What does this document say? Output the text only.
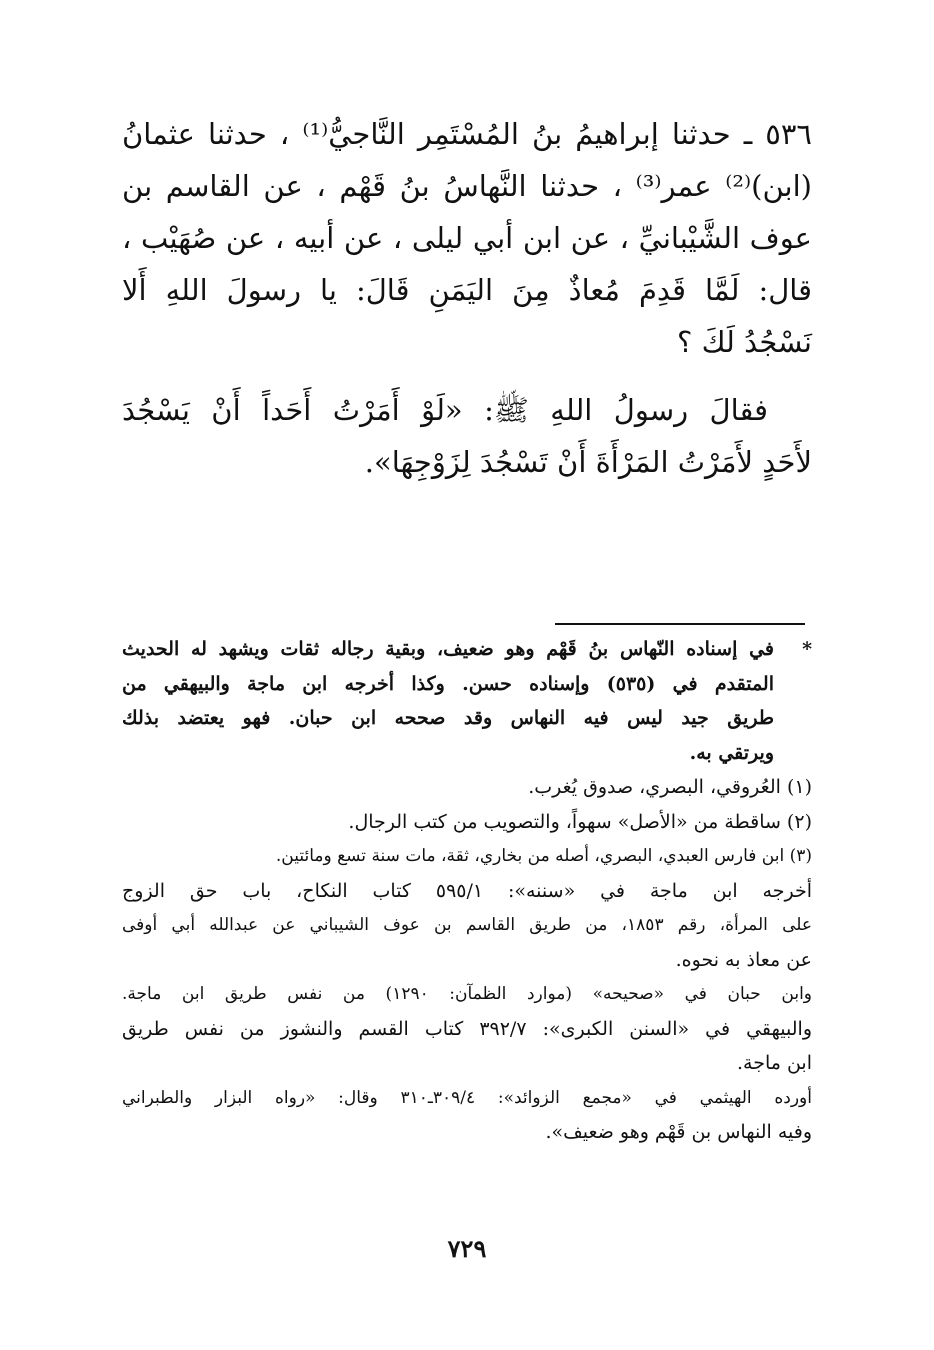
٥٣٦ ـ حدثنا إبراهيمُ بنُ المُسْتَمِر النَّاجيُّ⁽¹⁾ ، حدثنا عثمانُ
(ابن)⁽²⁾ عمر⁽³⁾ ، حدثنا النَّهاسُ بنُ قَهْم ، عن القاسم بن
عوف الشَّيْبانيِّ ، عن ابن أبي ليلى ، عن أبيه ، عن صُهَيْب ،
قال: لَمَّا قَدِمَ مُعاذٌ مِنَ اليَمَنِ قَالَ: يا رسولَ اللهِ أَلا
نَسْجُدُ لَكَ ؟
فقالَ رسولُ اللهِ ﷺ: «لَوْ أَمَرْتُ أَحَداً أَنْ يَسْجُدَ
لأَحَدٍ لأَمَرْتُ المَرْأَةَ أَنْ تَسْجُدَ لِزَوْجِهَا».
*
في إسناده النّهاس بنُ قَهْم وهو ضعيف، وبقية رجاله ثقات ويشهد له الحديث
المتقدم في (٥٣٥) وإسناده حسن. وكذا أخرجه ابن ماجة والبيهقي من
طريق جيد ليس فيه النهاس وقد صححه ابن حبان. فهو يعتضد بذلك
ويرتقي به.
(١) العُروقي، البصري، صدوق يُغرب.
(٢) ساقطة من «الأصل» سهواً، والتصويب من كتب الرجال.
(٣) ابن فارس العبدي، البصري، أصله من بخاري، ثقة، مات سنة تسع ومائتين.
أخرجه ابن ماجة في «سننه»: ٥٩٥/١ كتاب النكاح، باب حق الزوج
على المرأة، رقم ١٨٥٣، من طريق القاسم بن عوف الشيباني عن عبدالله أبي أوفى
عن معاذ به نحوه.
وابن حبان في «صحيحه» (موارد الظمآن: ١٢٩٠) من نفس طريق ابن ماجة.
والبيهقي في «السنن الكبرى»: ٣٩٢/٧ كتاب القسم والنشوز من نفس طريق
ابن ماجة.
أورده الهيثمي في «مجمع الزوائد»: ٣٠٩/٤ـ٣١٠ وقال: «رواه البزار والطبراني
وفيه النهاس بن قَهْم وهو ضعيف».
٧٢٩
